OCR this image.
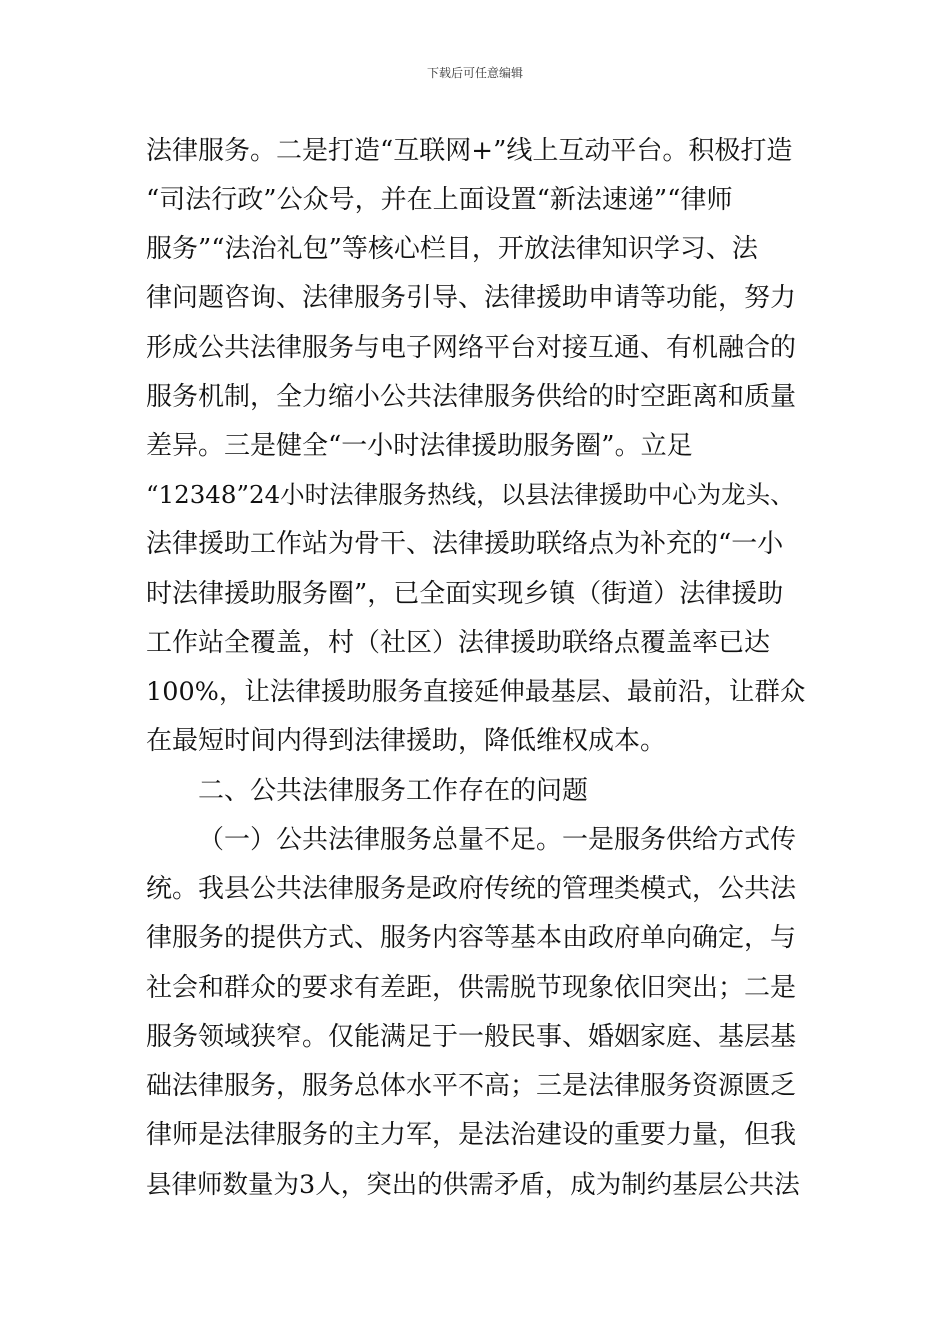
下载后可任意编辑
法律服务。二是打造“互联网+”线上互动平台。积极打造
“司法行政”公众号，并在上面设置“新法速递”“律师
服务”“法治礼包”等核心栏目，开放法律知识学习、法
律问题咨询、法律服务引导、法律援助申请等功能，努力
形成公共法律服务与电子网络平台对接互通、有机融合的
服务机制，全力缩小公共法律服务供给的时空距离和质量
差异。三是健全“一小时法律援助服务圈”。立足
“12348”24小时法律服务热线，以县法律援助中心为龙头、
法律援助工作站为骨干、法律援助联络点为补充的“一小
时法律援助服务圈”，已全面实现乡镇（街道）法律援助
工作站全覆盖，村（社区）法律援助联络点覆盖率已达
100%，让法律援助服务直接延伸最基层、最前沿，让群众
在最短时间内得到法律援助，降低维权成本。
二、公共法律服务工作存在的问题
（一）公共法律服务总量不足。一是服务供给方式传
统。我县公共法律服务是政府传统的管理类模式，公共法
律服务的提供方式、服务内容等基本由政府单向确定，与
社会和群众的要求有差距，供需脱节现象依旧突出；二是
服务领域狭窄。仅能满足于一般民事、婚姻家庭、基层基
础法律服务，服务总体水平不高；三是法律服务资源匮乏
律师是法律服务的主力军，是法治建设的重要力量，但我
县律师数量为3人，突出的供需矛盾，成为制约基层公共法
